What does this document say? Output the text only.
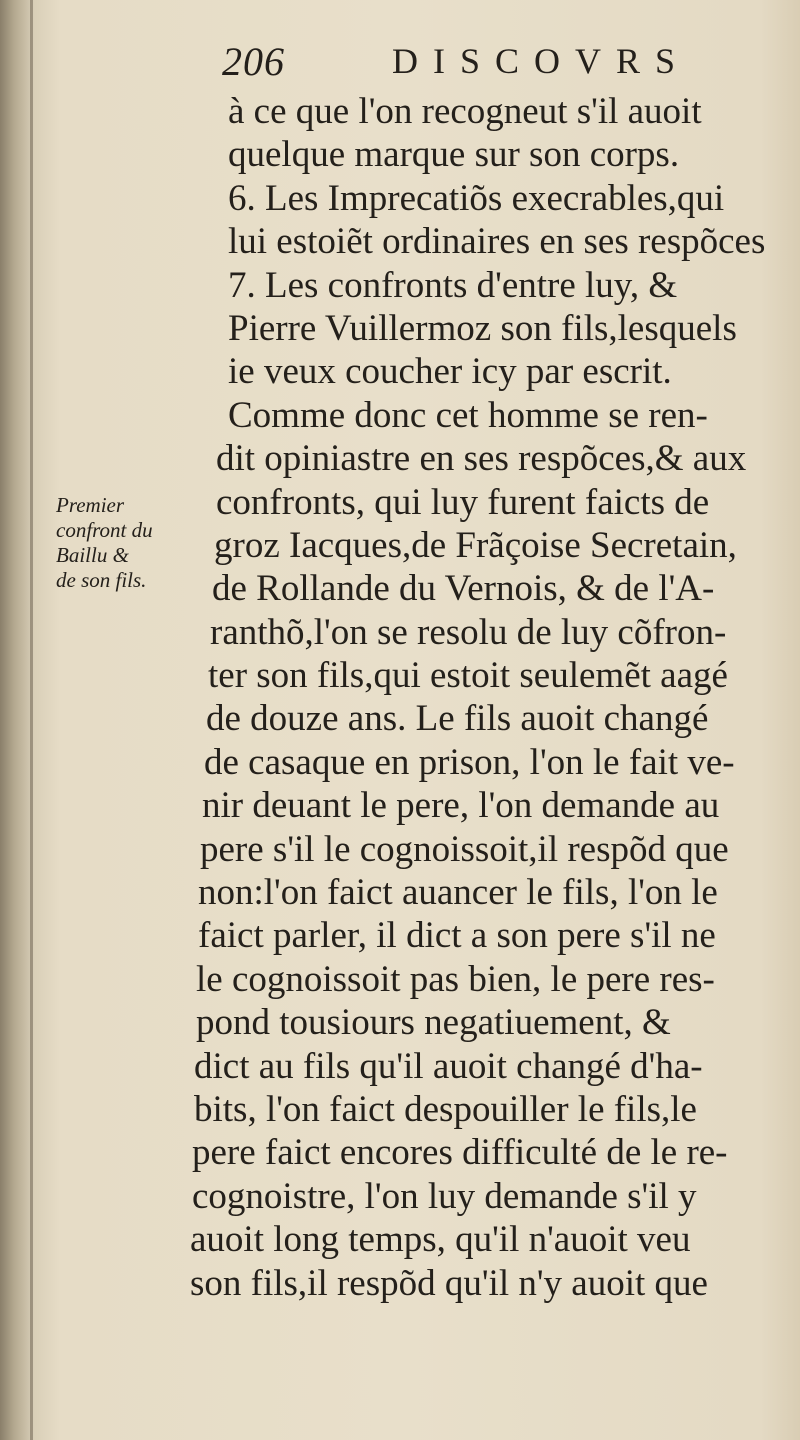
206	DISCOVRS
Premier
confront du
Baillu &
de son fils.
à ce que l'on recogneut s'il auoit
quelque marque sur son corps.
6. Les Imprecatiõs execrables,qui
lui estoiẽt ordinaires en ses respõces
7. Les confronts d'entre luy, &
Pierre Vuillermoz son fils,lesquels
ie veux coucher icy par escrit.
Comme donc cet homme se ren-
dit opiniastre en ses respõces,& aux
confronts, qui luy furent faicts de
groz Iacques,de Frãçoise Secretain,
de Rollande du Vernois, & de l'A-
ranthõ,l'on se resolu de luy cõfron-
ter son fils,qui estoit seulemẽt aagé
de douze ans. Le fils auoit changé
de casaque en prison, l'on le fait ve-
nir deuant le pere, l'on demande au
pere s'il le cognoissoit,il respõd que
non:l'on faict auancer le fils, l'on le
faict parler, il dict a son pere s'il ne
le cognoissoit pas bien, le pere res-
pond tousiours negatiuement, &
dict au fils qu'il auoit changé d'ha-
bits, l'on faict despouiller le fils,le
pere faict encores difficulté de le re-
cognoistre, l'on luy demande s'il y
auoit long temps, qu'il n'auoit veu
son fils,il respõd qu'il n'y auoit que
